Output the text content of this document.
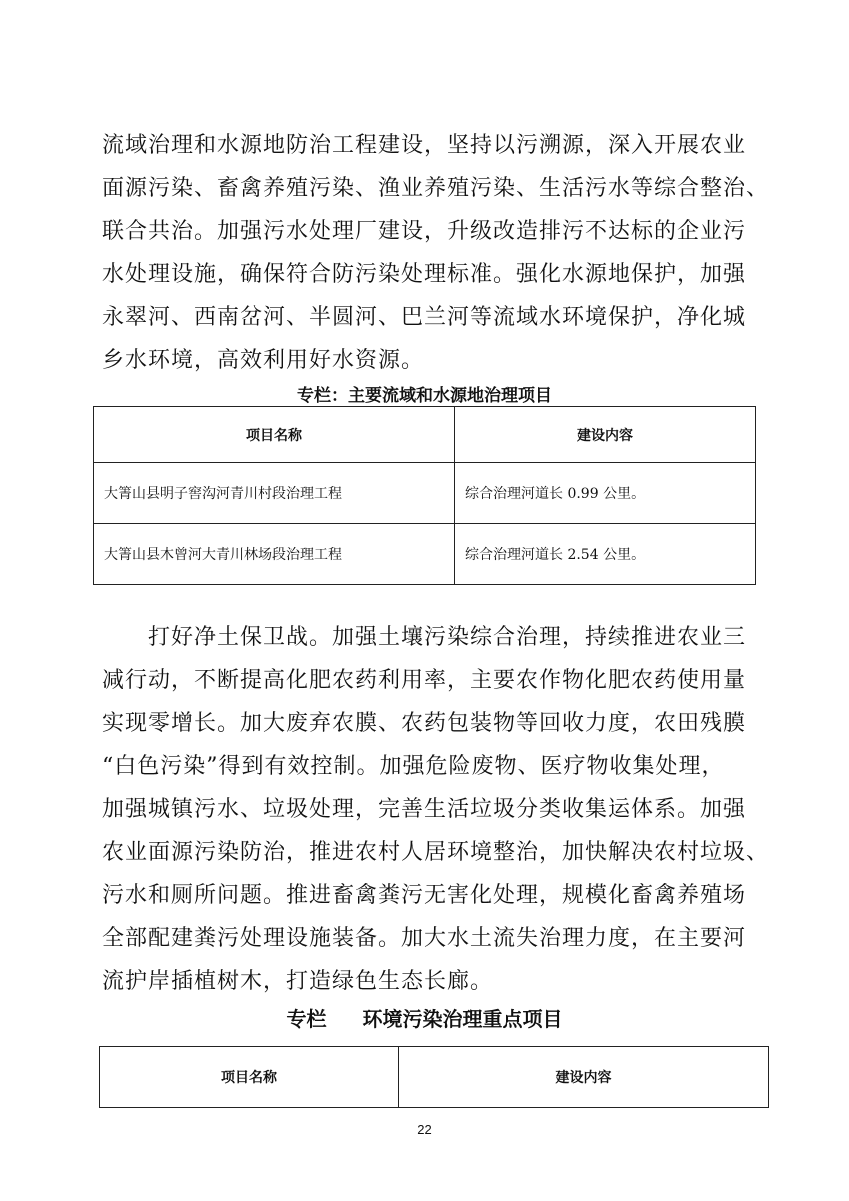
流域治理和水源地防治工程建设，坚持以污溯源，深入开展农业
面源污染、畜禽养殖污染、渔业养殖污染、生活污水等综合整治、
联合共治。加强污水处理厂建设，升级改造排污不达标的企业污
水处理设施，确保符合防污染处理标准。强化水源地保护，加强
永翠河、西南岔河、半圆河、巴兰河等流域水环境保护，净化城
乡水环境，高效利用好水资源。
专栏：主要流域和水源地治理项目
项目名称	建设内容
大箐山县明子窖沟河青川村段治理工程	综合治理河道长 0.99 公里。
大箐山县木曾河大青川林场段治理工程	综合治理河道长 2.54 公里。
　　打好净土保卫战。加强土壤污染综合治理，持续推进农业三
减行动，不断提高化肥农药利用率，主要农作物化肥农药使用量
实现零增长。加大废弃农膜、农药包装物等回收力度，农田残膜
“白色污染”得到有效控制。加强危险废物、医疗物收集处理，
加强城镇污水、垃圾处理，完善生活垃圾分类收集运体系。加强
农业面源污染防治，推进农村人居环境整治，加快解决农村垃圾、
污水和厕所问题。推进畜禽粪污无害化处理，规模化畜禽养殖场
全部配建粪污处理设施装备。加大水土流失治理力度，在主要河
流护岸插植树木，打造绿色生态长廊。
专栏 环境污染治理重点项目
项目名称	建设内容
22
